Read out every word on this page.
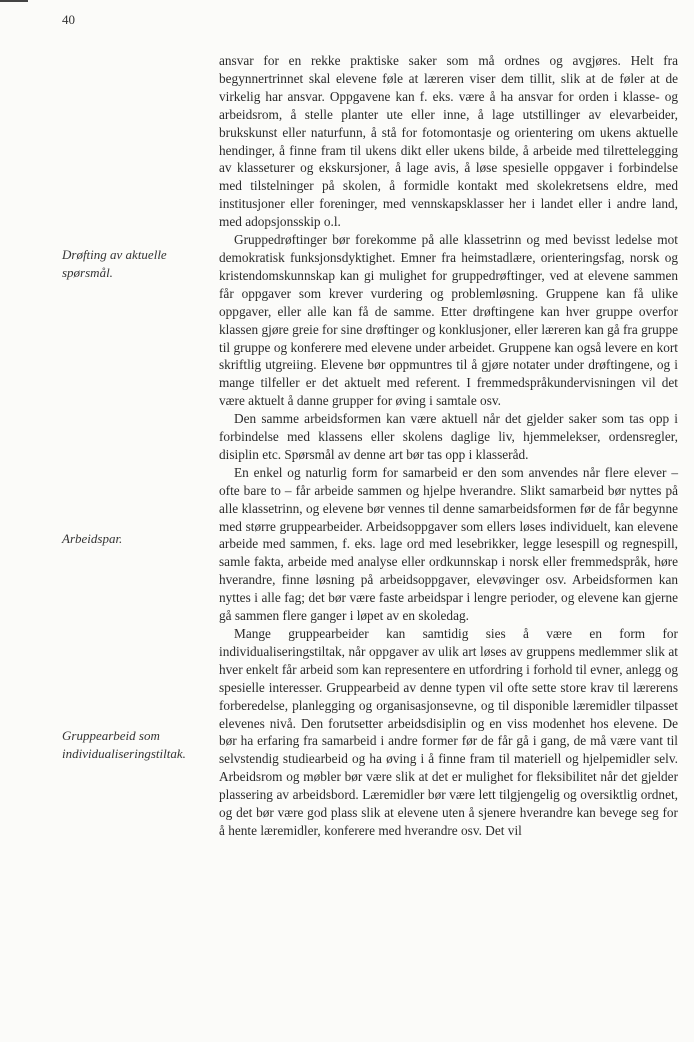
40
Drøfting av aktuelle spørsmål.
Arbeidspar.
Gruppearbeid som individualiseringstiltak.

ansvar for en rekke praktiske saker som må ordnes og avgjøres. Helt fra begynnertrinnet skal elevene føle at læreren viser dem tillit, slik at de føler at de virkelig har ansvar. Oppgavene kan f. eks. være å ha ansvar for orden i klasse- og arbeidsrom, å stelle planter ute eller inne, å lage utstillinger av elevarbeider, brukskunst eller naturfunn, å stå for fotomontasje og orientering om ukens aktuelle hendinger, å finne fram til ukens dikt eller ukens bilde, å arbeide med tilrettelegging av klasseturer og ekskursjoner, å lage avis, å løse spesielle oppgaver i forbindelse med tilstelninger på skolen, å formidle kontakt med skolekretsens eldre, med institusjoner eller foreninger, med vennskapsklasser her i landet eller i andre land, med adopsjonsskip o.l.

Gruppedrøftinger bør forekomme på alle klassetrinn og med bevisst ledelse mot demokratisk funksjonsdyktighet. Emner fra heimstadlære, orienteringsfag, norsk og kristendomskunnskap kan gi mulighet for gruppedrøftinger, ved at elevene sammen får oppgaver som krever vurdering og problemløsning. Gruppene kan få ulike oppgaver, eller alle kan få de samme. Etter drøftingene kan hver gruppe overfor klassen gjøre greie for sine drøftinger og konklusjoner, eller læreren kan gå fra gruppe til gruppe og konferere med elevene under arbeidet. Gruppene kan også levere en kort skriftlig utgreiing. Elevene bør oppmuntres til å gjøre notater under drøftingene, og i mange tilfeller er det aktuelt med referent. I fremmedspråkundervisningen vil det være aktuelt å danne grupper for øving i samtale osv.

Den samme arbeidsformen kan være aktuell når det gjelder saker som tas opp i forbindelse med klassens eller skolens daglige liv, hjemmelekser, ordensregler, disiplin etc. Spørsmål av denne art bør tas opp i klasseråd.

En enkel og naturlig form for samarbeid er den som anvendes når flere elever – ofte bare to – får arbeide sammen og hjelpe hverandre. Slikt samarbeid bør nyttes på alle klassetrinn, og elevene bør vennes til denne samarbeidsformen før de får begynne med større gruppearbeider. Arbeidsoppgaver som ellers løses individuelt, kan elevene arbeide med sammen, f. eks. lage ord med lesebrikker, legge lesespill og regnespill, samle fakta, arbeide med analyse eller ordkunnskap i norsk eller fremmedspråk, høre hverandre, finne løsning på arbeidsoppgaver, elevøvinger osv. Arbeidsformen kan nyttes i alle fag; det bør være faste arbeidspar i lengre perioder, og elevene kan gjerne gå sammen flere ganger i løpet av en skoledag.

Mange gruppearbeider kan samtidig sies å være en form for individualiseringstiltak, når oppgaver av ulik art løses av gruppens medlemmer slik at hver enkelt får arbeid som kan representere en utfordring i forhold til evner, anlegg og spesielle interesser. Gruppearbeid av denne typen vil ofte sette store krav til lærerens forberedelse, planlegging og organisasjonsevne, og til disponible læremidler tilpasset elevenes nivå. Den forutsetter arbeidsdisiplin og en viss modenhet hos elevene. De bør ha erfaring fra samarbeid i andre former før de får gå i gang, de må være vant til selvstendig studiearbeid og ha øving i å finne fram til materiell og hjelpemidler selv. Arbeidsrom og møbler bør være slik at det er mulighet for fleksibilitet når det gjelder plassering av arbeidsbord. Læremidler bør være lett tilgjengelig og oversiktlig ordnet, og det bør være god plass slik at elevene uten å sjenere hverandre kan bevege seg for å hente læremidler, konferere med hverandre osv. Det vil
